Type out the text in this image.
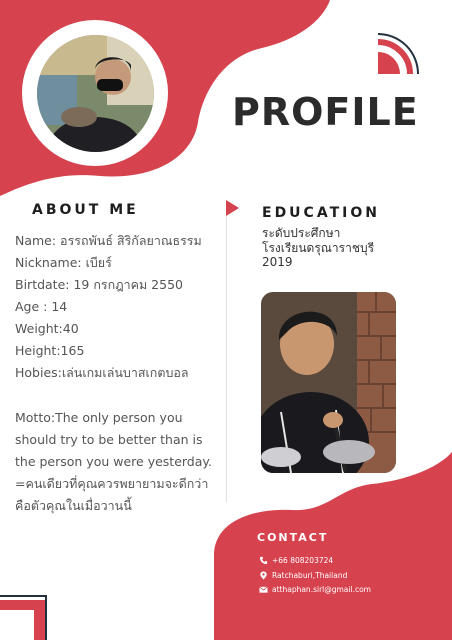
PROFILE
ABOUT ME	EDUCATION
Name: อรรถพันธ์ สิริกัลยาณธรรม
Nickname: เบียร์
Birtdate: 19 กรกฎาคม 2550
Age : 14
Weight:40
Height:165
Hobies:เล่นเกมเล่นบาสเกตบอล
Motto:The only person you
should try to be better than is
the person you were yesterday.
=คนเดียวที่คุณควรพยายามจะดีกว่า
คือตัวคุณในเมื่อวานนี้
ระดับประศึกษา
โรงเรียนดรุณาราชบุรี
2019
CONTACT
+66 808203724
Ratchaburi,Thailand
atthaphan.sirl@gmail.com
